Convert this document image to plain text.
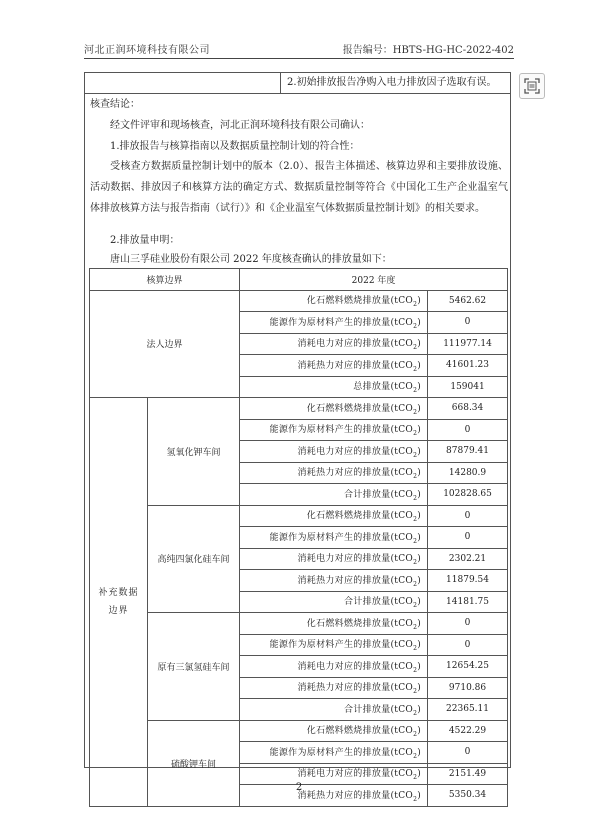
河北正润环境科技有限公司	报告编号：HBTS-HG-HC-2022-402
2.初始排放报告净购入电力排放因子选取有误。
核查结论：
经文件评审和现场核查，河北正润环境科技有限公司确认：
1.排放报告与核算指南以及数据质量控制计划的符合性：
受核查方数据质量控制计划中的版本（2.0）、报告主体描述、核算边界和主要排放设施、活动数据、排放因子和核算方法的确定方式、数据质量控制等符合《中国化工生产企业温室气体排放核算方法与报告指南（试行）》和《企业温室气体数据质量控制计划》的相关要求。
2.排放量申明：
唐山三孚硅业股份有限公司 2022 年度核查确认的排放量如下：
核算边界		2022 年度	
法人边界		化石燃料燃烧排放量(tCO$_2$)	5462.62
		能源作为原材料产生的排放量(tCO$_2$)	0
		消耗电力对应的排放量(tCO$_2$)	111977.14
		消耗热力对应的排放量(tCO$_2$)	41601.23
		总排放量(tCO$_2$)	159041
补充数据边界	氢氧化钾车间	化石燃料燃烧排放量(tCO$_2$)	668.34
		能源作为原材料产生的排放量(tCO$_2$)	0
		消耗电力对应的排放量(tCO$_2$)	87879.41
		消耗热力对应的排放量(tCO$_2$)	14280.9
		合计排放量(tCO$_2$)	102828.65
	高纯四氯化硅车间	化石燃料燃烧排放量(tCO$_2$)	0
		能源作为原材料产生的排放量(tCO$_2$)	0
		消耗电力对应的排放量(tCO$_2$)	2302.21
		消耗热力对应的排放量(tCO$_2$)	11879.54
		合计排放量(tCO$_2$)	14181.75
	原有三氯氢硅车间	化石燃料燃烧排放量(tCO$_2$)	0
		能源作为原材料产生的排放量(tCO$_2$)	0
		消耗电力对应的排放量(tCO$_2$)	12654.25
		消耗热力对应的排放量(tCO$_2$)	9710.86
		合计排放量(tCO$_2$)	22365.11
	硫酸钾车间	化石燃料燃烧排放量(tCO$_2$)	4522.29
		能源作为原材料产生的排放量(tCO$_2$)	0
		消耗电力对应的排放量(tCO$_2$)	2151.49
		消耗热力对应的排放量(tCO$_2$)	5350.34
2
